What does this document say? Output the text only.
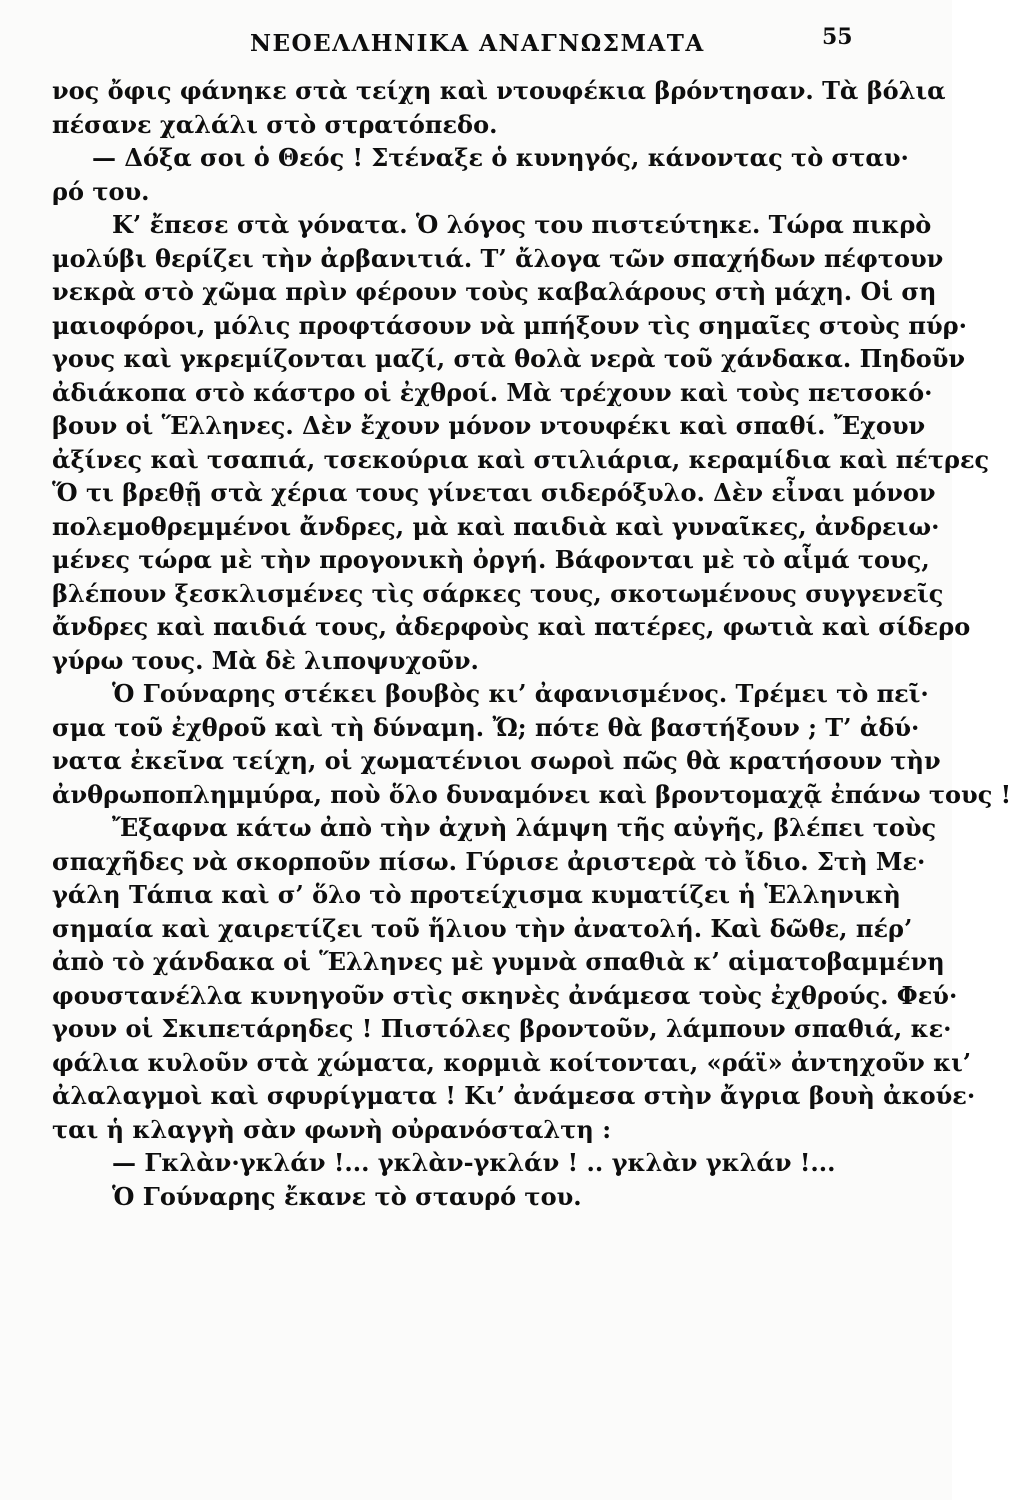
ΝΕΟΕΛΛΗΝΙΚΑ ΑΝΑΓΝΩΣΜΑΤΑ	55
νος ὄφις φάνηκε στὰ τείχη καὶ ντουφέκια βρόντησαν. Τὰ βόλια
πέσανε χαλάλι στὸ στρατόπεδο.
— Δόξα σοι ὁ Θεός ! Στέναξε ὁ κυνηγός, κάνοντας τὸ σταυ·
ρό του.
Κ’ ἔπεσε στὰ γόνατα. Ὁ λόγος του πιστεύτηκε. Τώρα πικρὸ
μολύβι θερίζει τὴν ἀρβανιτιά. Τ’ ἄλογα τῶν σπαχήδων πέφτουν
νεκρὰ στὸ χῶμα πρὶν φέρουν τοὺς καβαλάρους στὴ μάχη. Οἱ ση
μαιοφόροι, μόλις προφτάσουν νὰ μπήξουν τὶς σημαῖες στοὺς πύρ·
γους καὶ γκρεμίζονται μαζί, στὰ θολὰ νερὰ τοῦ χάνδακα. Πηδοῦν
ἀδιάκοπα στὸ κάστρο οἱ ἐχθροί. Μὰ τρέχουν καὶ τοὺς πετσοκό·
βουν οἱ Ἕλληνες. Δὲν ἔχουν μόνον ντουφέκι καὶ σπαθί. Ἔχουν
ἀξίνες καὶ τσαπιά, τσεκούρια καὶ στιλιάρια, κεραμίδια καὶ πέτρες
Ὅ τι βρεθῇ στὰ χέρια τους γίνεται σιδερόξυλο. Δὲν εἶναι μόνον
πολεμοθρεμμένοι ἄνδρες, μὰ καὶ παιδιὰ καὶ γυναῖκες, ἀνδρειω·
μένες τώρα μὲ τὴν προγονικὴ ὀργή. Βάφονται μὲ τὸ αἷμά τους,
βλέπουν ξεσκλισμένες τὶς σάρκες τους, σκοτωμένους συγγενεῖς
ἄνδρες καὶ παιδιά τους, ἀδερφοὺς καὶ πατέρες, φωτιὰ καὶ σίδερο
γύρω τους. Μὰ δὲ λιποψυχοῦν.
Ὁ Γούναρης στέκει βουβὸς κι’ ἀφανισμένος. Τρέμει τὸ πεῖ·
σμα τοῦ ἐχθροῦ καὶ τὴ δύναμη. Ὤ; πότε θὰ βαστήξουν ; Τ’ ἀδύ·
νατα ἐκεῖνα τείχη, οἱ χωματένιοι σωροὶ πῶς θὰ κρατήσουν τὴν
ἀνθρωποπλημμύρα, ποὺ ὅλο δυναμόνει καὶ βροντομαχᾷ ἐπάνω τους !
Ἔξαφνα κάτω ἀπὸ τὴν ἀχνὴ λάμψη τῆς αὐγῆς, βλέπει τοὺς
σπαχῆδες νὰ σκορποῦν πίσω. Γύρισε ἀριστερὰ τὸ ἴδιο. Στὴ Με·
γάλη Τάπια καὶ σ’ ὅλο τὸ προτείχισμα κυματίζει ἡ Ἑλληνικὴ
σημαία καὶ χαιρετίζει τοῦ ἥλιου τὴν ἀνατολή. Καὶ δῶθε, πέρ’
ἀπὸ τὸ χάνδακα οἱ Ἕλληνες μὲ γυμνὰ σπαθιὰ κ’ αἱματοβαμμένη
φουστανέλλα κυνηγοῦν στὶς σκηνὲς ἀνάμεσα τοὺς ἐχθρούς. Φεύ·
γουν οἱ Σκιπετάρηδες ! Πιστόλες βροντοῦν, λάμπουν σπαθιά, κε·
φάλια κυλοῦν στὰ χώματα, κορμιὰ κοίτονται, «ράϊ» ἀντηχοῦν κι’
ἀλαλαγμοὶ καὶ σφυρίγματα ! Κι’ ἀνάμεσα στὴν ἄγρια βουὴ ἀκούε·
ται ἡ κλαγγὴ σὰν φωνὴ οὐρανόσταλτη :
— Γκλὰν·γκλάν !... γκλὰν-γκλάν ! .. γκλὰν γκλάν !...
Ὁ Γούναρης ἔκανε τὸ σταυρό του.
